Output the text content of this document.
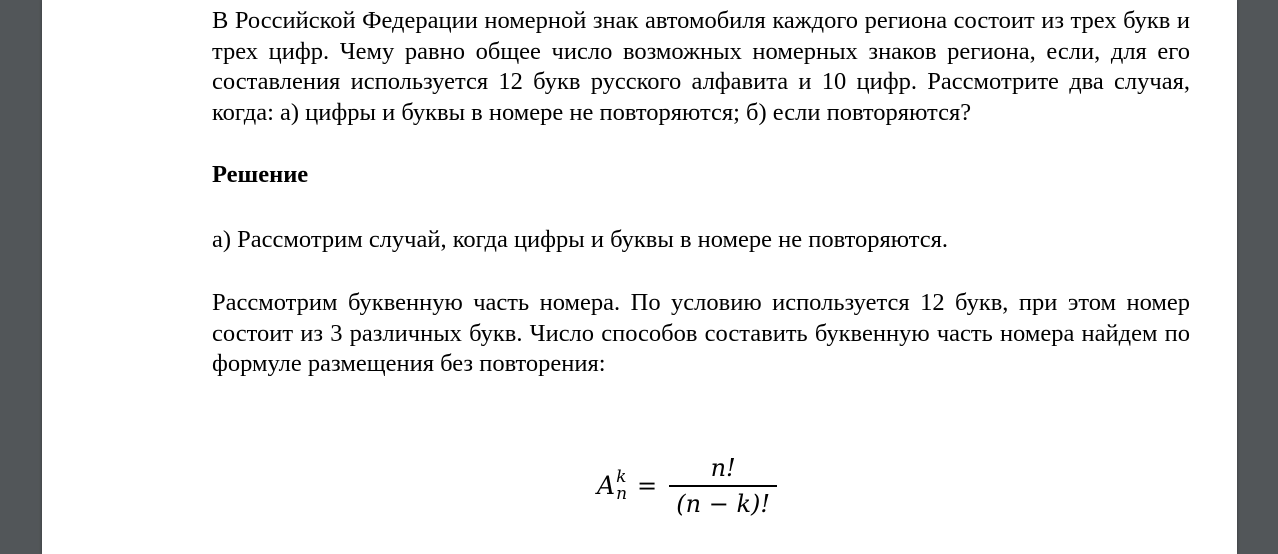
В Российской Федерации номерной знак автомобиля каждого региона состоит из трех букв и трех цифр. Чему равно общее число возможных номерных знаков региона, если, для его составления используется 12 букв русского алфавита и 10 цифр. Рассмотрите два случая, когда: а) цифры и буквы в номере не повторяются; б) если повторяются?

Решение

а) Рассмотрим случай, когда цифры и буквы в номере не повторяются.

Рассмотрим буквенную часть номера. По условию используется 12 букв, при этом номер состоит из 3 различных букв. Число способов составить буквенную часть номера найдем по формуле размещения без повторения:

A k
$n = \frac{n!}{(n - k)!}$
